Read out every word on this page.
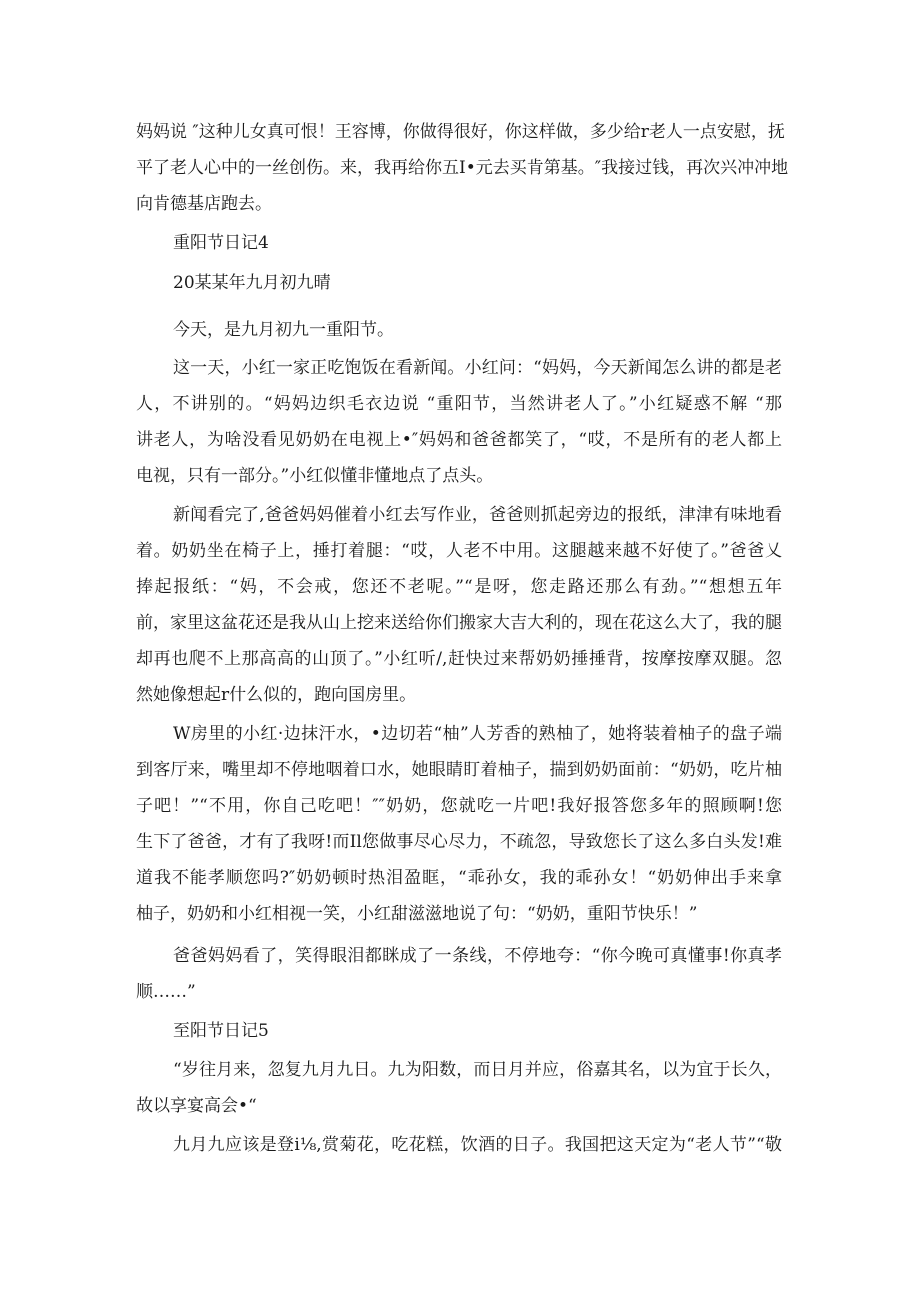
妈妈说 ″这种儿女真可恨！王容博，你做得很好，你这样做，多少给r老人一点安慰，抚

平了老人心中的一丝创伤。来，我再给你五I•元去买肯第基。″我接过钱，再次兴冲冲地

向肯德基店跑去。

重阳节日记4

20某某年九月初九晴

今天，是九月初九一重阳节。

这一天，小红一家正吃饱饭在看新闻。小红问：“妈妈，今天新闻怎么讲的都是老

人，不讲别的。“妈妈边织毛衣边说 “重阳节，当然讲老人了。”小红疑惑不解 “那

讲老人，为啥没看见奶奶在电视上•″妈妈和爸爸都笑了，“哎，不是所有的老人都上

电视，只有一部分。”小红似懂非懂地点了点头。

新闻看完了,爸爸妈妈催着小红去写作业，爸爸则抓起旁边的报纸，津津有味地看

着。奶奶坐在椅子上，捶打着腿：“哎，人老不中用。这腿越来越不好使了。”爸爸乂

捧起报纸：“妈，不会戒，您还不老呢。”“是呀，您走路还那么有劲。”“想想五年

前，家里这盆花还是我从山上挖来送给你们搬家大吉大利的，现在花这么大了，我的腿

却再也爬不上那高高的山顶了。”小红听/,赶快过来帮奶奶捶捶背，按摩按摩双腿。忽

然她像想起r什么似的，跑向国房里。

W房里的小红·边抹汗水，•边切若“柚”人芳香的熟柚了，她将装着柚子的盘子端

到客厅来，嘴里却不停地咽着口水，她眼睛盯着柚子，揣到奶奶面前：“奶奶，吃片柚

子吧！”“不用，你自己吃吧！″″奶奶，您就吃一片吧!我好报答您多年的照顾啊!您

生下了爸爸，才有了我呀!而Il您做事尽心尽力，不疏忽，导致您长了这么多白头发!难

道我不能孝顺您吗?″奶奶顿时热泪盈眶，“乖孙女，我的乖孙女！“奶奶伸出手来拿

柚子，奶奶和小红相视一笑，小红甜滋滋地说了句：“奶奶，重阳节快乐！”

爸爸妈妈看了，笑得眼泪都眯成了一条线，不停地夸：“你今晚可真懂事!你真孝

顺……”

至阳节日记5

“岁往月来，忽复九月九日。九为阳数，而日月并应，俗嘉其名，以为宜于长久，

故以享宴高会•“

九月九应该是登i⅛,赏菊花，吃花糕，饮酒的日子。我国把这天定为“老人节”“敬
